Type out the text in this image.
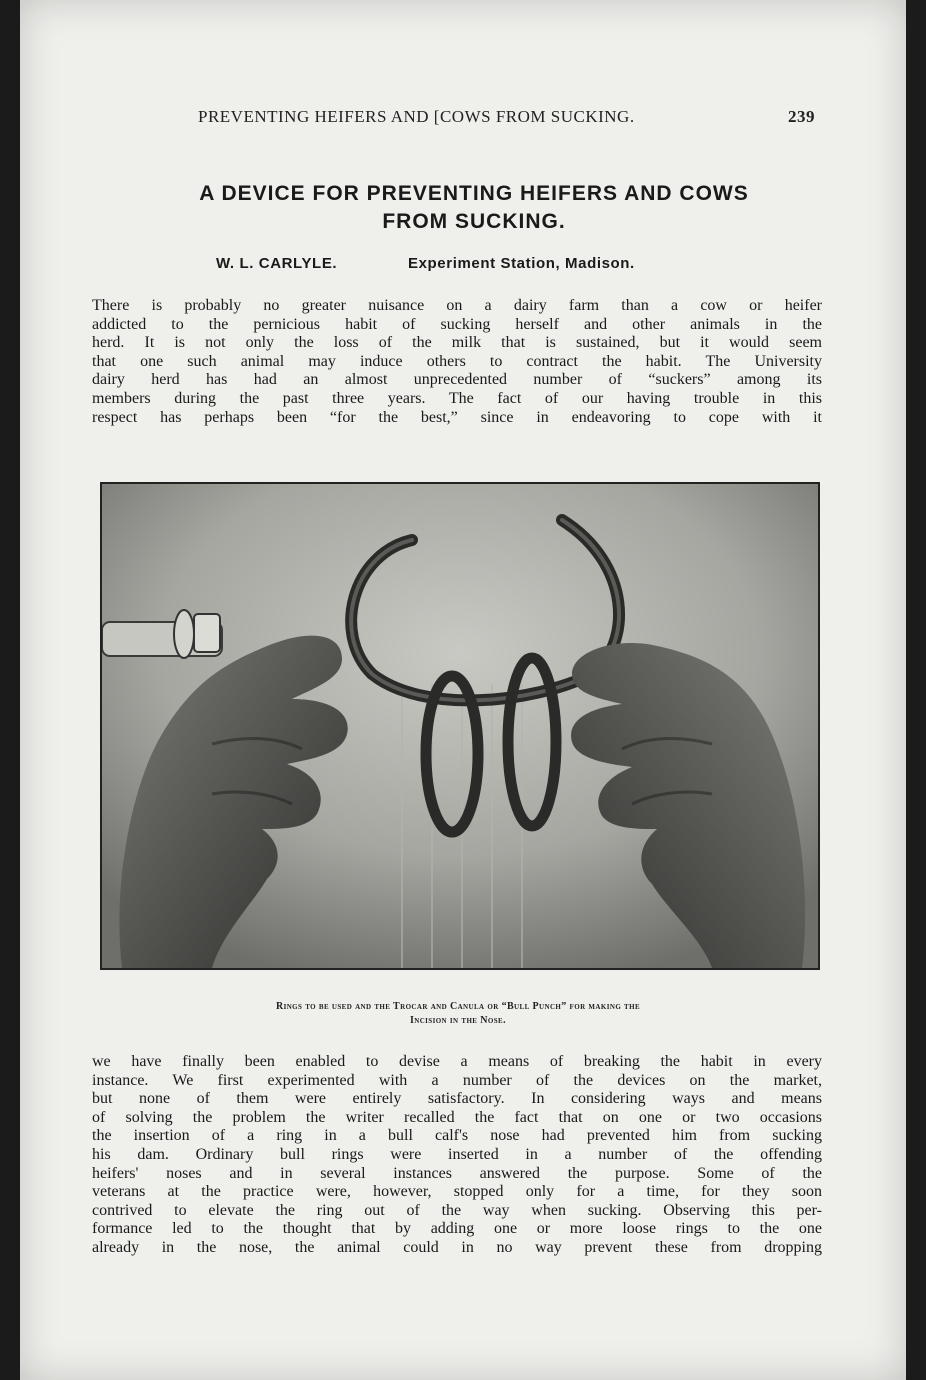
PREVENTING HEIFERS AND [COWS FROM SUCKING.	239
A DEVICE FOR PREVENTING HEIFERS AND COWS
FROM SUCKING.
W. L. CARLYLE.	Experiment Station, Madison.
There is probably no greater nuisance on a dairy farm than a cow or heifer
addicted to the pernicious habit of sucking herself and other animals in the
herd. It is not only the loss of the milk that is sustained, but it would seem
that one such animal may induce others to contract the habit. The University
dairy herd has had an almost unprecedented number of “suckers” among its
members during the past three years. The fact of our having trouble in this
respect has perhaps been “for the best,” since in endeavoring to cope with it
Rings to be used and the Trocar and Canula or “Bull Punch” for making the
Incision in the Nose.
we have finally been enabled to devise a means of breaking the habit in every
instance. We first experimented with a number of the devices on the market,
but none of them were entirely satisfactory. In considering ways and means
of solving the problem the writer recalled the fact that on one or two occasions
the insertion of a ring in a bull calf's nose had prevented him from sucking
his dam. Ordinary bull rings were inserted in a number of the offending
heifers' noses and in several instances answered the purpose. Some of the
veterans at the practice were, however, stopped only for a time, for they soon
contrived to elevate the ring out of the way when sucking. Observing this per-
formance led to the thought that by adding one or more loose rings to the one
already in the nose, the animal could in no way prevent these from dropping
